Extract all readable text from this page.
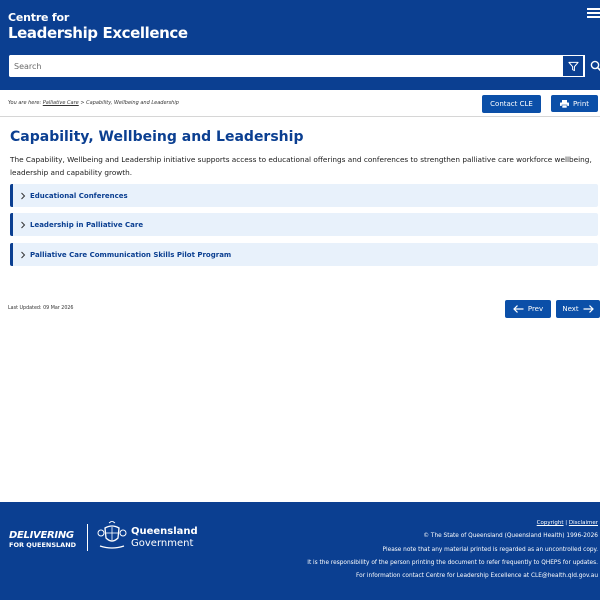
Centre for
Leadership Excellence
Search
You are here: Palliative Care > Capability, Wellbeing and Leadership	Contact CLE	Print
Capability, Wellbeing and Leadership

The Capability, Wellbeing and Leadership initiative supports access to educational offerings and conferences to strengthen palliative care workforce wellbeing, leadership and capability growth.

Educational Conferences
Leadership in Palliative Care
Palliative Care Communication Skills Pilot Program
Last Updated: 09 Mar 2026	Prev	Next
DELIVERING
FOR QUEENSLAND
Queensland
Government
Copyright | Disclaimer
© The State of Queensland (Queensland Health) 1996-2026
Please note that any material printed is regarded as an uncontrolled copy.
It is the responsibility of the person printing the document to refer frequently to QHEPS for updates.
For information contact Centre for Leadership Excellence at CLE@health.qld.gov.au
